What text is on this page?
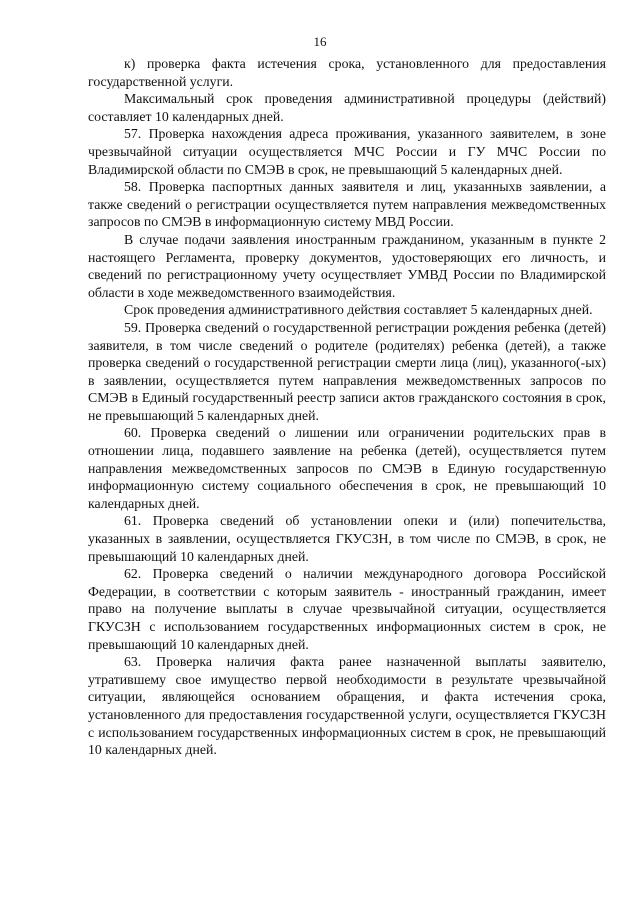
16

к) проверка факта истечения срока, установленного для предоставления государственной услуги.

Максимальный срок проведения административной процедуры (действий) составляет 10 календарных дней.

57. Проверка нахождения адреса проживания, указанного заявителем, в зоне чрезвычайной ситуации осуществляется МЧС России и ГУ МЧС России по Владимирской области по СМЭВ в срок, не превышающий 5 календарных дней.

58. Проверка паспортных данных заявителя и лиц, указанныхв заявлении, а также сведений о регистрации осуществляется путем направления межведомственных запросов по СМЭВ в информационную систему МВД России.

В случае подачи заявления иностранным гражданином, указанным в пункте 2 настоящего Регламента, проверку документов, удостоверяющих его личность, и сведений по регистрационному учету осуществляет УМВД России по Владимирской области в ходе межведомственного взаимодействия.

Срок проведения административного действия составляет 5 календарных дней.

59. Проверка сведений о государственной регистрации рождения ребенка (детей) заявителя, в том числе сведений о родителе (родителях) ребенка (детей), а также проверка сведений о государственной регистрации смерти лица (лиц), указанного(-ых) в заявлении, осуществляется путем направления межведомственных запросов по СМЭВ в Единый государственный реестр записи актов гражданского состояния в срок, не превышающий 5 календарных дней.

60. Проверка сведений о лишении или ограничении родительских прав в отношении лица, подавшего заявление на ребенка (детей), осуществляется путем направления межведомственных запросов по СМЭВ в Единую государственную информационную систему социального обеспечения в срок, не превышающий 10 календарных дней.

61. Проверка сведений об установлении опеки и (или) попечительства, указанных в заявлении, осуществляется ГКУСЗН, в том числе по СМЭВ, в срок, не превышающий 10 календарных дней.

62. Проверка сведений о наличии международного договора Российской Федерации, в соответствии с которым заявитель - иностранный гражданин, имеет право на получение выплаты в случае чрезвычайной ситуации, осуществляется ГКУСЗН с использованием государственных информационных систем в срок, не превышающий 10 календарных дней.

63. Проверка наличия факта ранее назначенной выплаты заявителю, утратившему свое имущество первой необходимости в результате чрезвычайной ситуации, являющейся основанием обращения, и факта истечения срока, установленного для предоставления государственной услуги, осуществляется ГКУСЗН с использованием государственных информационных систем в срок, не превышающий 10 календарных дней.
